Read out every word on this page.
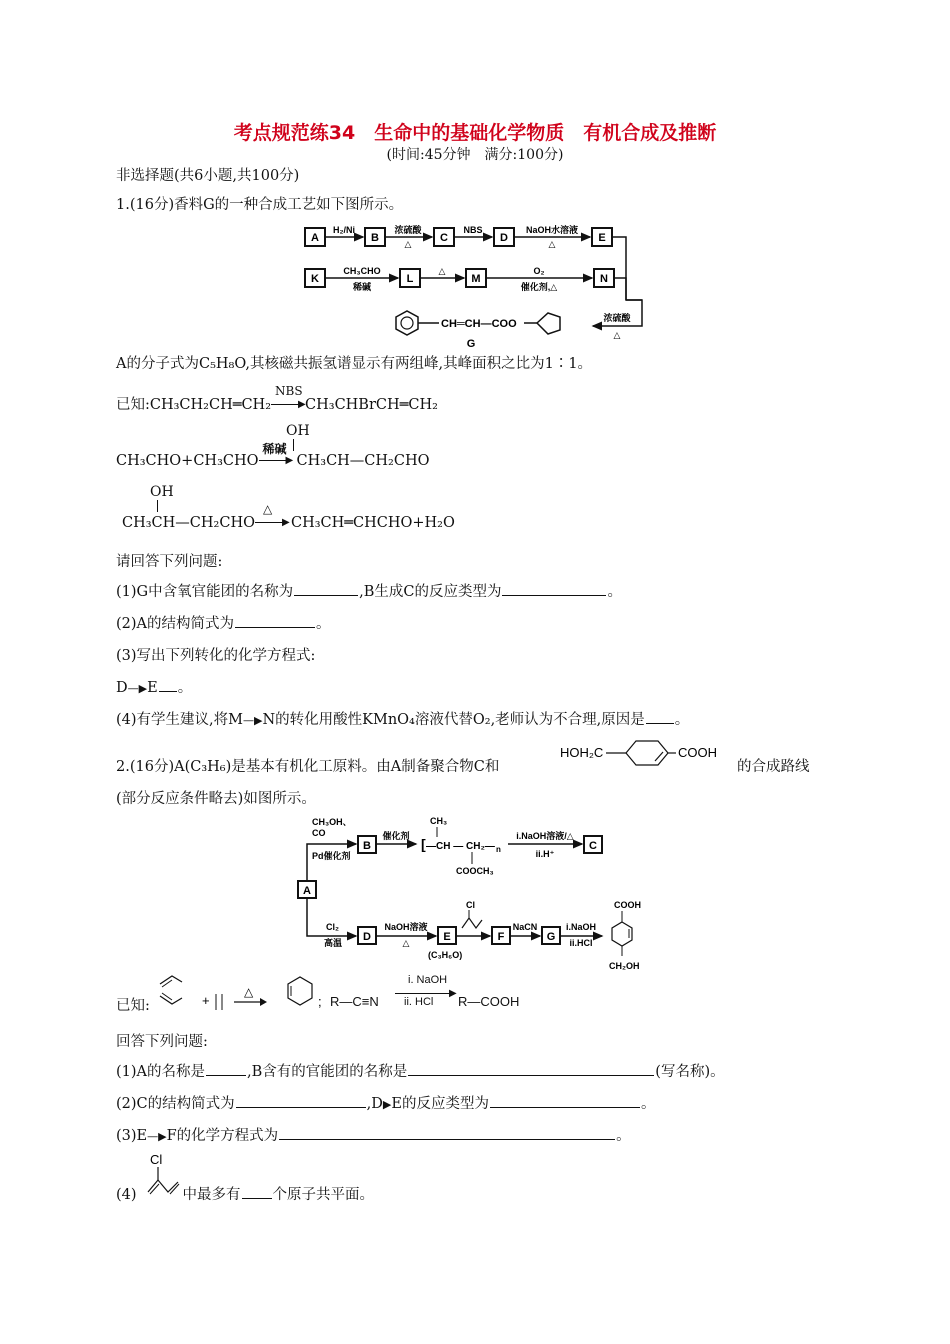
考点规范练34　生命中的基础化学物质　有机合成及推断
(时间:45分钟　满分:100分)
非选择题(共6小题,共100分)
1.(16分)香料G的一种合成工艺如下图所示。
A
H₂/Ni
B
浓硫酸
△	C
NBS
D
NaOH水溶液
△	E
K
CH₃CHO
稀碱
L
△
M
O₂
催化剂,△
N
浓硫酸
△
CH═CH—COO
G
A的分子式为C₅H₈O,其核磁共振氢谱显示有两组峰,其峰面积之比为1∶1。
已知:CH₃CH₂CH═CH₂
NBS
▶ CH₃CHBrCH═CH₂
OH
CH₃CHO+CH₃CHO
稀碱
▶ CH₃CH—CH₂CHO
OH
CH₃CH—CH₂CHO
△
▶ CH₃CH═CHCHO+H₂O
请回答下列问题:
(1)G中含氧官能团的名称为	,B生成C的反应类型为	。
(2)A的结构简式为	。
(3)写出下列转化的化学方程式:
D—▶E 。
(4)有学生建议,将M—▶N的转化用酸性KMnO₄溶液代替O₂,老师认为不合理,原因是 。
2.(16分)A(C₃H₆)是基本有机化工原料。由A制备聚合物C和
HOH₂C	COOH
的合成路线
(部分反应条件略去)如图所示。
A
CH₃OH、
CO
Pd催化剂
B
催化剂 [
CH₃
—CH — CH₂— n
COOCH₃
i.NaOH溶液/△
ii.H⁺
C
Cl₂
高温 D
NaOH溶液
△	E
(C₃H₆O)
Cl
F
NaCN
G
i.NaOH
ii.HCl
COOH
CH₂OH
已知:	+
△
; R—C≡N
i. NaOH
▶
ii. HCl R—COOH
回答下列问题:
(1)A的名称是	,B含有的官能团的名称是	(写名称)。
(2)C的结构简式为	,D▶E的反应类型为	。
(3)E—▶F的化学方程式为	。
Cl
(4)	中最多有 个原子共平面。
